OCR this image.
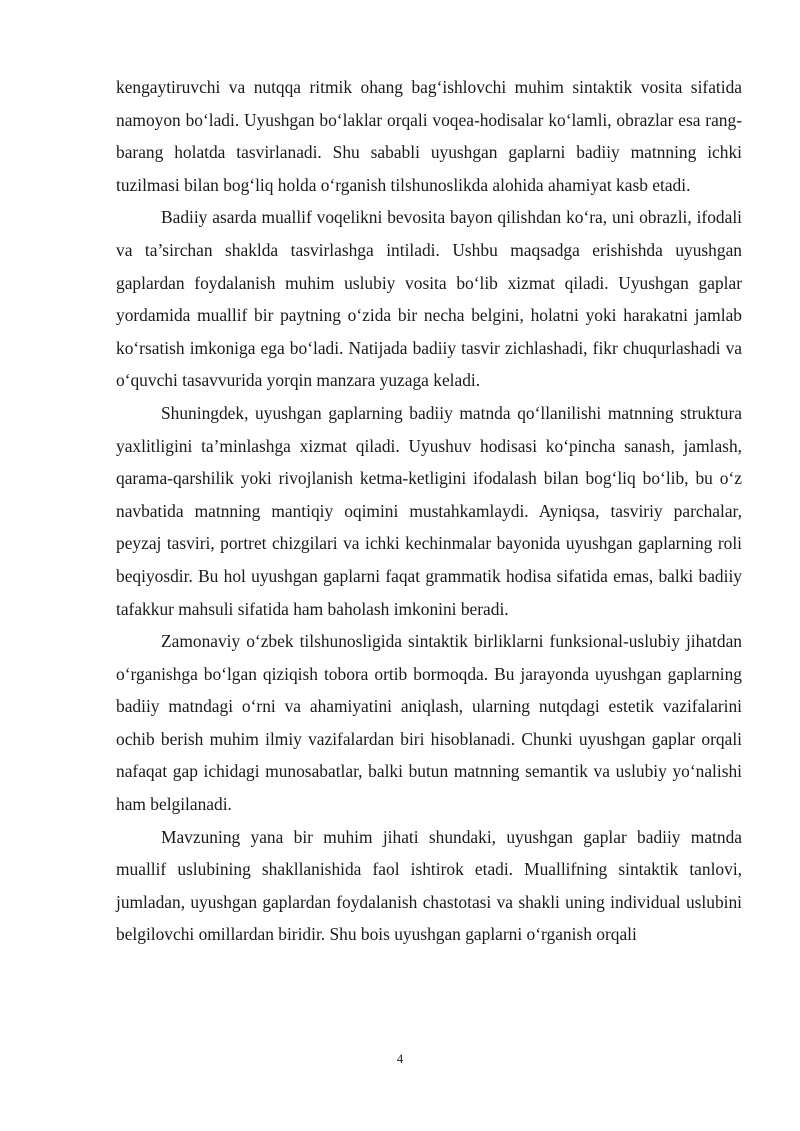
kengaytiruvchi va nutqqa ritmik ohang bag‘ishlovchi muhim sintaktik vosita sifatida namoyon bo‘ladi. Uyushgan bo‘laklar orqali voqea-hodisalar ko‘lamli, obrazlar esa rang-barang holatda tasvirlanadi. Shu sababli uyushgan gaplarni badiiy matnning ichki tuzilmasi bilan bog‘liq holda o‘rganish tilshunoslikda alohida ahamiyat kasb etadi.

Badiiy asarda muallif voqelikni bevosita bayon qilishdan ko‘ra, uni obrazli, ifodali va ta’sirchan shaklda tasvirlashga intiladi. Ushbu maqsadga erishishda uyushgan gaplardan foydalanish muhim uslubiy vosita bo‘lib xizmat qiladi. Uyushgan gaplar yordamida muallif bir paytning o‘zida bir necha belgini, holatni yoki harakatni jamlab ko‘rsatish imkoniga ega bo‘ladi. Natijada badiiy tasvir zichlashadi, fikr chuqurlashadi va o‘quvchi tasavvurida yorqin manzara yuzaga keladi.

Shuningdek, uyushgan gaplarning badiiy matnda qo‘llanilishi matnning struktura yaxlitligini ta’minlashga xizmat qiladi. Uyushuv hodisasi ko‘pincha sanash, jamlash, qarama-qarshilik yoki rivojlanish ketma-ketligini ifodalash bilan bog‘liq bo‘lib, bu o‘z navbatida matnning mantiqiy oqimini mustahkamlaydi. Ayniqsa, tasviriy parchalar, peyzaj tasviri, portret chizgilari va ichki kechinmalar bayonida uyushgan gaplarning roli beqiyosdir. Bu hol uyushgan gaplarni faqat grammatik hodisa sifatida emas, balki badiiy tafakkur mahsuli sifatida ham baholash imkonini beradi.

Zamonaviy o‘zbek tilshunosligida sintaktik birliklarni funksional-uslubiy jihatdan o‘rganishga bo‘lgan qiziqish tobora ortib bormoqda. Bu jarayonda uyushgan gaplarning badiiy matndagi o‘rni va ahamiyatini aniqlash, ularning nutqdagi estetik vazifalarini ochib berish muhim ilmiy vazifalardan biri hisoblanadi. Chunki uyushgan gaplar orqali nafaqat gap ichidagi munosabatlar, balki butun matnning semantik va uslubiy yo‘nalishi ham belgilanadi.

Mavzuning yana bir muhim jihati shundaki, uyushgan gaplar badiiy matnda muallif uslubining shakllanishida faol ishtirok etadi. Muallifning sintaktik tanlovi, jumladan, uyushgan gaplardan foydalanish chastotasi va shakli uning individual uslubini belgilovchi omillardan biridir. Shu bois uyushgan gaplarni o‘rganish orqali

4
